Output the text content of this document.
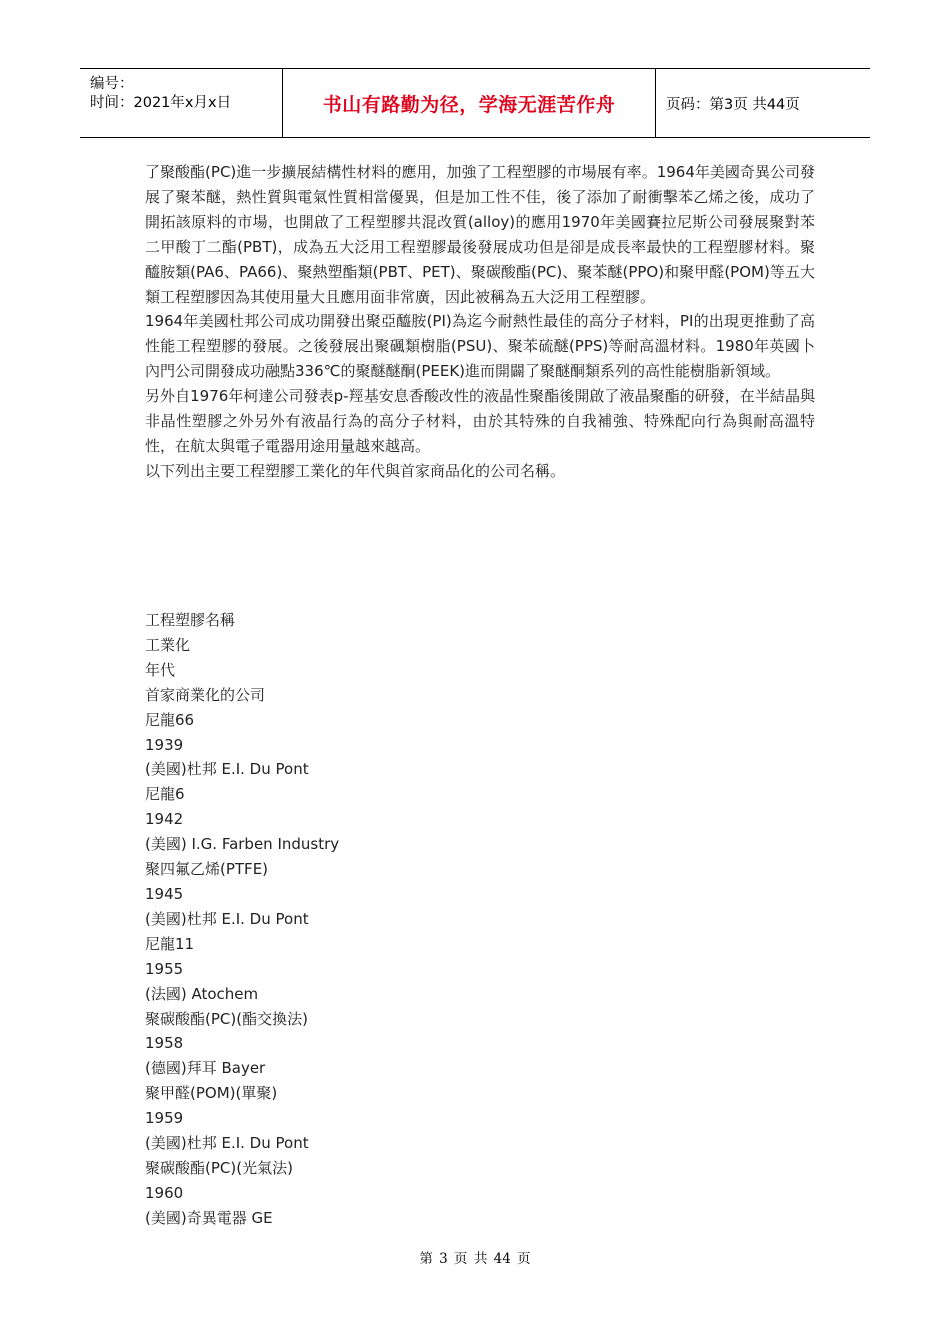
编号：
时间：2021年x月x日	书山有路勤为径，学海无涯苦作舟	页码：第3页 共44页

了聚酸酯(PC)進一步擴展結構性材料的應用，加強了工程塑膠的市場展有率。1964年美國奇異公司發展了聚苯醚，熱性質與電氣性質相當優異，但是加工性不佳，後了添加了耐衝擊苯乙烯之後，成功了開拓該原料的市場，也開啟了工程塑膠共混改質(alloy)的應用1970年美國賽拉尼斯公司發展聚對苯二甲酸丁二酯(PBT)，成為五大泛用工程塑膠最後發展成功但是卻是成長率最快的工程塑膠材料。聚醯胺類(PA6、PA66)、聚熱塑酯類(PBT、PET)、聚碳酸酯(PC)、聚苯醚(PPO)和聚甲醛(POM)等五大類工程塑膠因為其使用量大且應用面非常廣，因此被稱為五大泛用工程塑膠。

1964年美國杜邦公司成功開發出聚亞醯胺(PI)為迄今耐熱性最佳的高分子材料，PI的出現更推動了高性能工程塑膠的發展。之後發展出聚碸類樹脂(PSU)、聚苯硫醚(PPS)等耐高溫材料。1980年英國卜內門公司開發成功融點336℃的聚醚醚酮(PEEK)進而開闢了聚醚酮類系列的高性能樹脂新領域。

另外自1976年柯達公司發表p-羥基安息香酸改性的液晶性聚酯後開啟了液晶聚酯的研發，在半結晶與非晶性塑膠之外另外有液晶行為的高分子材料，由於其特殊的自我補強、特殊配向行為與耐高溫特性，在航太與電子電器用途用量越來越高。

以下列出主要工程塑膠工業化的年代與首家商品化的公司名稱。

工程塑膠名稱
工業化
年代
首家商業化的公司
尼龍66
1939
(美國)杜邦 E.I. Du Pont
尼龍6
1942
(美國) I.G. Farben Industry
聚四氟乙烯(PTFE)
1945
(美國)杜邦 E.I. Du Pont
尼龍11
1955
(法國) Atochem
聚碳酸酯(PC)(酯交換法)
1958
(德國)拜耳 Bayer
聚甲醛(POM)(單聚)
1959
(美國)杜邦 E.I. Du Pont
聚碳酸酯(PC)(光氣法)
1960
(美國)奇異電器 GE
第 3 页 共 44 页
